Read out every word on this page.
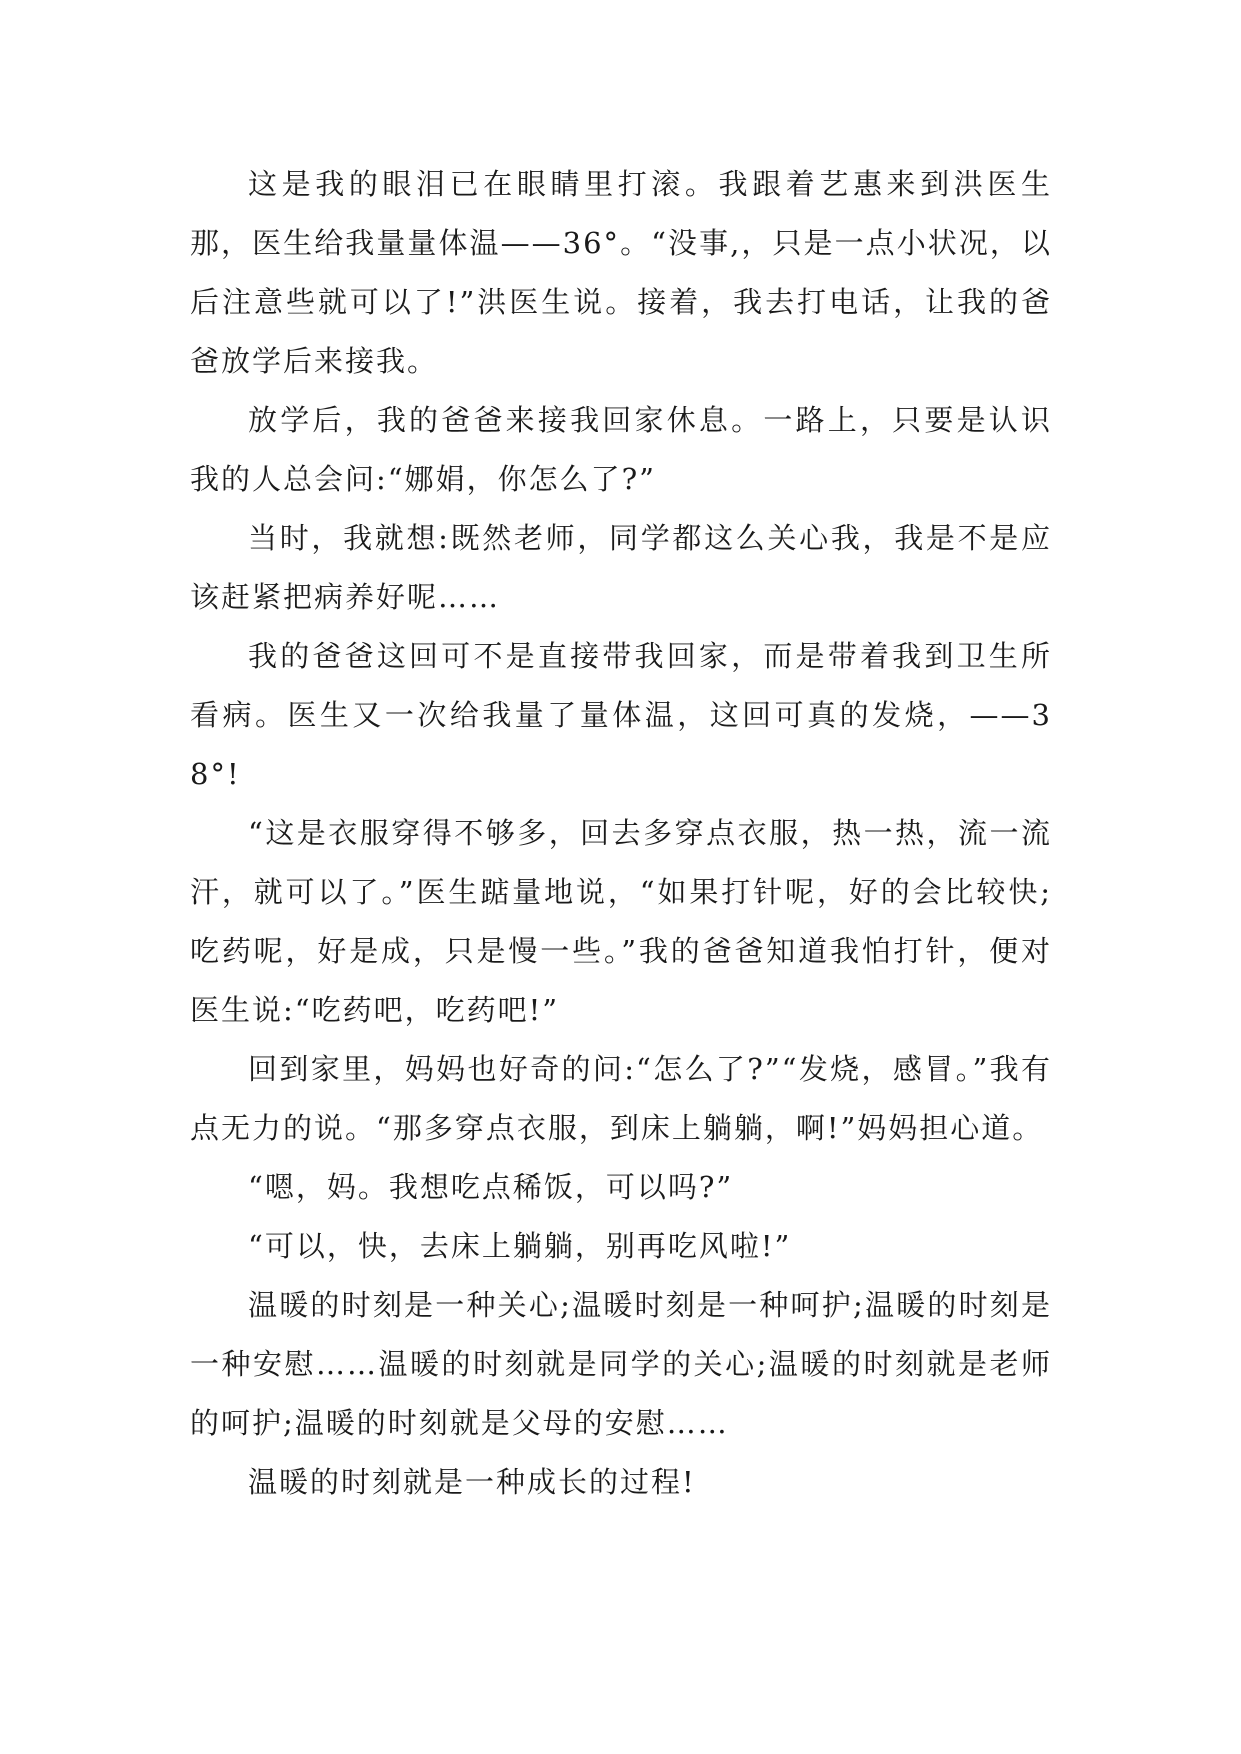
这是我的眼泪已在眼睛里打滚。我跟着艺惠来到洪医生那，医生给我量量体温——36°。“没事,，只是一点小状况，以后注意些就可以了!”洪医生说。接着，我去打电话，让我的爸爸放学后来接我。

放学后，我的爸爸来接我回家休息。一路上，只要是认识我的人总会问:“娜娟，你怎么了?”

当时，我就想:既然老师，同学都这么关心我，我是不是应该赶紧把病养好呢……

我的爸爸这回可不是直接带我回家，而是带着我到卫生所看病。医生又一次给我量了量体温，这回可真的发烧，——38°!

“这是衣服穿得不够多，回去多穿点衣服，热一热，流一流汗，就可以了。”医生踮量地说，“如果打针呢，好的会比较快;吃药呢，好是成，只是慢一些。”我的爸爸知道我怕打针，便对医生说:“吃药吧，吃药吧!”

回到家里，妈妈也好奇的问:“怎么了?”“发烧，感冒。”我有点无力的说。“那多穿点衣服，到床上躺躺，啊!”妈妈担心道。

“嗯，妈。我想吃点稀饭，可以吗?”

“可以，快，去床上躺躺，别再吃风啦!”

温暖的时刻是一种关心;温暖时刻是一种呵护;温暖的时刻是一种安慰……温暖的时刻就是同学的关心;温暖的时刻就是老师的呵护;温暖的时刻就是父母的安慰……

温暖的时刻就是一种成长的过程!
